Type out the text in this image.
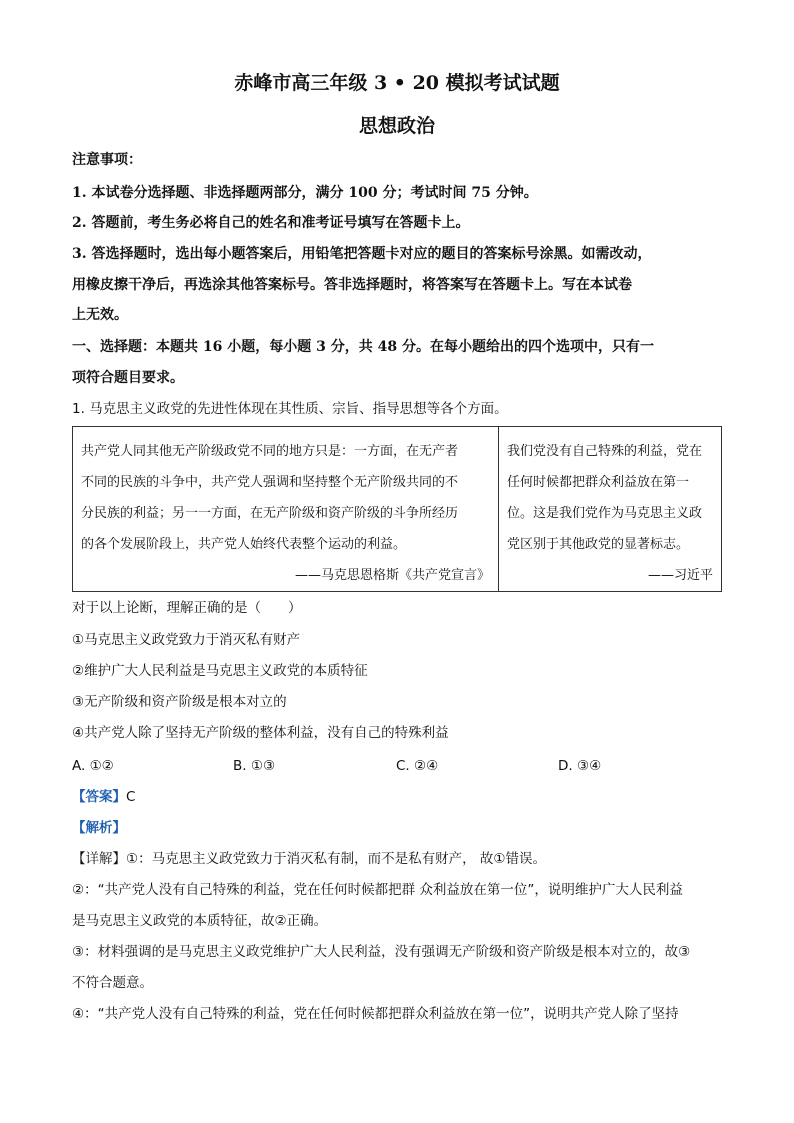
赤峰市高三年级 3 • 20 模拟考试试题
思想政治
注意事项：
1. 本试卷分选择题、非选择题两部分，满分 100 分；考试时间 75 分钟。
2. 答题前，考生务必将自己的姓名和准考证号填写在答题卡上。
3. 答选择题时，选出每小题答案后，用铅笔把答题卡对应的题目的答案标号涂黑。如需改动，
用橡皮擦干净后，再选涂其他答案标号。答非选择题时，将答案写在答题卡上。写在本试卷
上无效。
一、选择题：本题共 16 小题，每小题 3 分，共 48 分。在每小题给出的四个选项中，只有一
项符合题目要求。
1. 马克思主义政党的先进性体现在其性质、宗旨、指导思想等各个方面。
共产党人同其他无产阶级政党不同的地方只是：一方面，在无产者
不同的民族的斗争中，共产党人强调和坚持整个无产阶级共同的不
分民族的利益；另一一方面，在无产阶级和资产阶级的斗争所经历
的各个发展阶段上，共产党人始终代表整个运动的利益。
——马克思恩格斯《共产党宣言》
我们党没有自己特殊的利益，党在
任何时候都把群众利益放在第一
位。这是我们党作为马克思主义政
党区别于其他政党的显著标志。
——习近平
对于以上论断，理解正确的是（　　）
①马克思主义政党致力于消灭私有财产
②维护广大人民利益是马克思主义政党的本质特征
③无产阶级和资产阶级是根本对立的
④共产党人除了坚持无产阶级的整体利益，没有自己的特殊利益
A. ①②	B. ①③	C. ②④	D. ③④
【答案】C
【解析】
【详解】①：马克思主义政党致力于消灭私有制，而不是私有财产， 故①错误。
②：“共产党人没有自己特殊的利益，党在任何时候都把群 众利益放在第一位”，说明维护广大人民利益
是马克思主义政党的本质特征，故②正确。
③：材料强调的是马克思主义政党维护广大人民利益，没有强调无产阶级和资产阶级是根本对立的，故③
不符合题意。
④：“共产党人没有自己特殊的利益，党在任何时候都把群众利益放在第一位”，说明共产党人除了坚持
